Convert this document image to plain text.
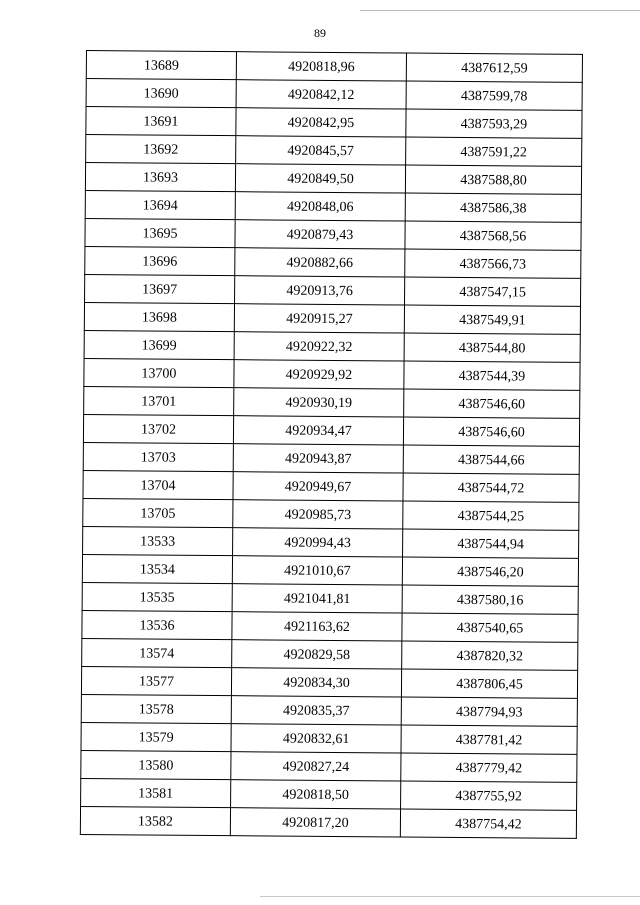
89
13689	4920818,96	4387612,59
13690	4920842,12	4387599,78
13691	4920842,95	4387593,29
13692	4920845,57	4387591,22
13693	4920849,50	4387588,80
13694	4920848,06	4387586,38
13695	4920879,43	4387568,56
13696	4920882,66	4387566,73
13697	4920913,76	4387547,15
13698	4920915,27	4387549,91
13699	4920922,32	4387544,80
13700	4920929,92	4387544,39
13701	4920930,19	4387546,60
13702	4920934,47	4387546,60
13703	4920943,87	4387544,66
13704	4920949,67	4387544,72
13705	4920985,73	4387544,25
13533	4920994,43	4387544,94
13534	4921010,67	4387546,20
13535	4921041,81	4387580,16
13536	4921163,62	4387540,65
13574	4920829,58	4387820,32
13577	4920834,30	4387806,45
13578	4920835,37	4387794,93
13579	4920832,61	4387781,42
13580	4920827,24	4387779,42
13581	4920818,50	4387755,92
13582	4920817,20	4387754,42
